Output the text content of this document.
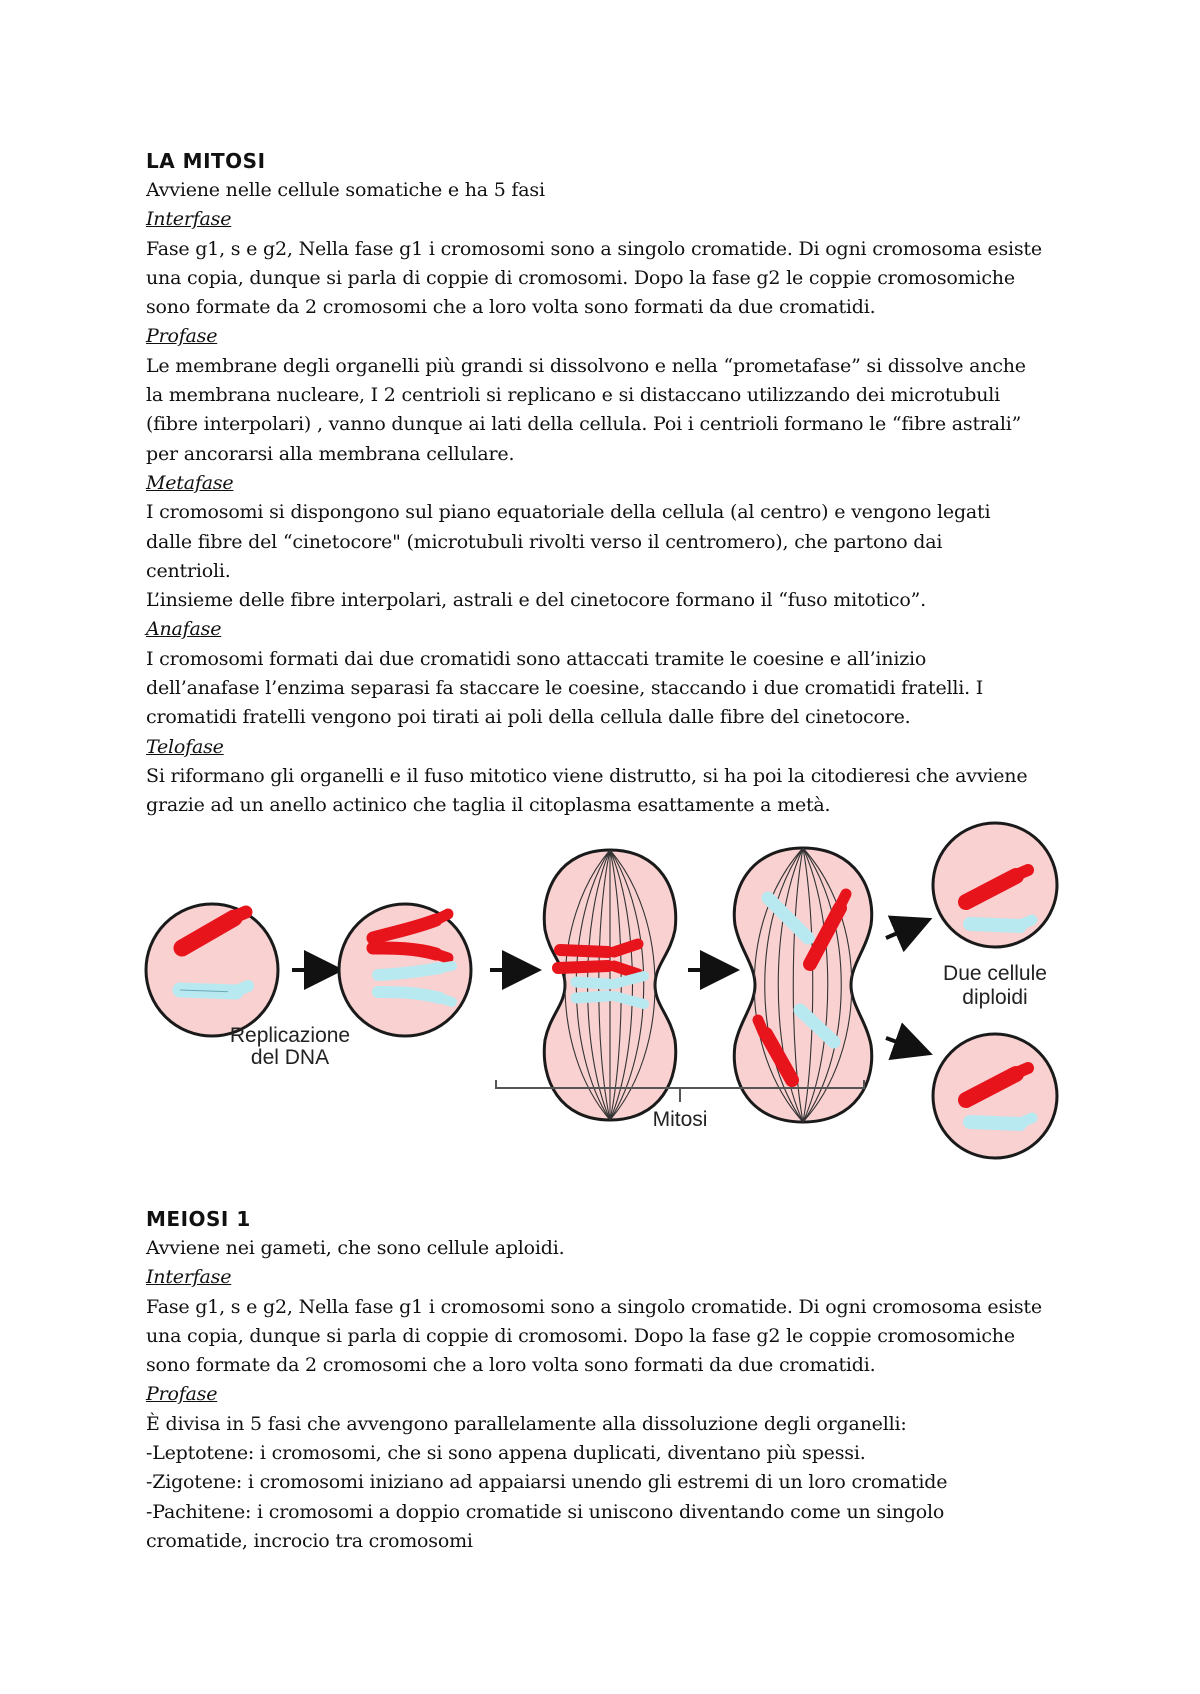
LA MITOSI

Avviene nelle cellule somatiche e ha 5 fasi

Interfase

Fase g1, s e g2, Nella fase g1 i cromosomi sono a singolo cromatide. Di ogni cromosoma esiste

una copia, dunque si parla di coppie di cromosomi. Dopo la fase g2 le coppie cromosomiche

sono formate da 2 cromosomi che a loro volta sono formati da due cromatidi.

Profase

Le membrane degli organelli più grandi si dissolvono e nella “prometafase” si dissolve anche

la membrana nucleare, I 2 centrioli si replicano e si distaccano utilizzando dei microtubuli

(fibre interpolari) , vanno dunque ai lati della cellula. Poi i centrioli formano le “fibre astrali”

per ancorarsi alla membrana cellulare.

Metafase

I cromosomi si dispongono sul piano equatoriale della cellula (al centro) e vengono legati

dalle fibre del “cinetocore" (microtubuli rivolti verso il centromero), che partono dai

centrioli.

L’insieme delle fibre interpolari, astrali e del cinetocore formano il “fuso mitotico”.

Anafase

I cromosomi formati dai due cromatidi sono attaccati tramite le coesine e all’inizio

dell’anafase l’enzima separasi fa staccare le coesine, staccando i due cromatidi fratelli. I

cromatidi fratelli vengono poi tirati ai poli della cellula dalle fibre del cinetocore.

Telofase

Si riformano gli organelli e il fuso mitotico viene distrutto, si ha poi la citodieresi che avviene

grazie ad un anello actinico che taglia il citoplasma esattamente a metà.

Replicazione
del DNA
Mitosi
Due cellule
diploidi
MEIOSI 1

Avviene nei gameti, che sono cellule aploidi.

Interfase

Fase g1, s e g2, Nella fase g1 i cromosomi sono a singolo cromatide. Di ogni cromosoma esiste

una copia, dunque si parla di coppie di cromosomi. Dopo la fase g2 le coppie cromosomiche

sono formate da 2 cromosomi che a loro volta sono formati da due cromatidi.

Profase

È divisa in 5 fasi che avvengono parallelamente alla dissoluzione degli organelli:

-Leptotene: i cromosomi, che si sono appena duplicati, diventano più spessi.

-Zigotene: i cromosomi iniziano ad appaiarsi unendo gli estremi di un loro cromatide

-Pachitene: i cromosomi a doppio cromatide si uniscono diventando come un singolo

cromatide, incrocio tra cromosomi
